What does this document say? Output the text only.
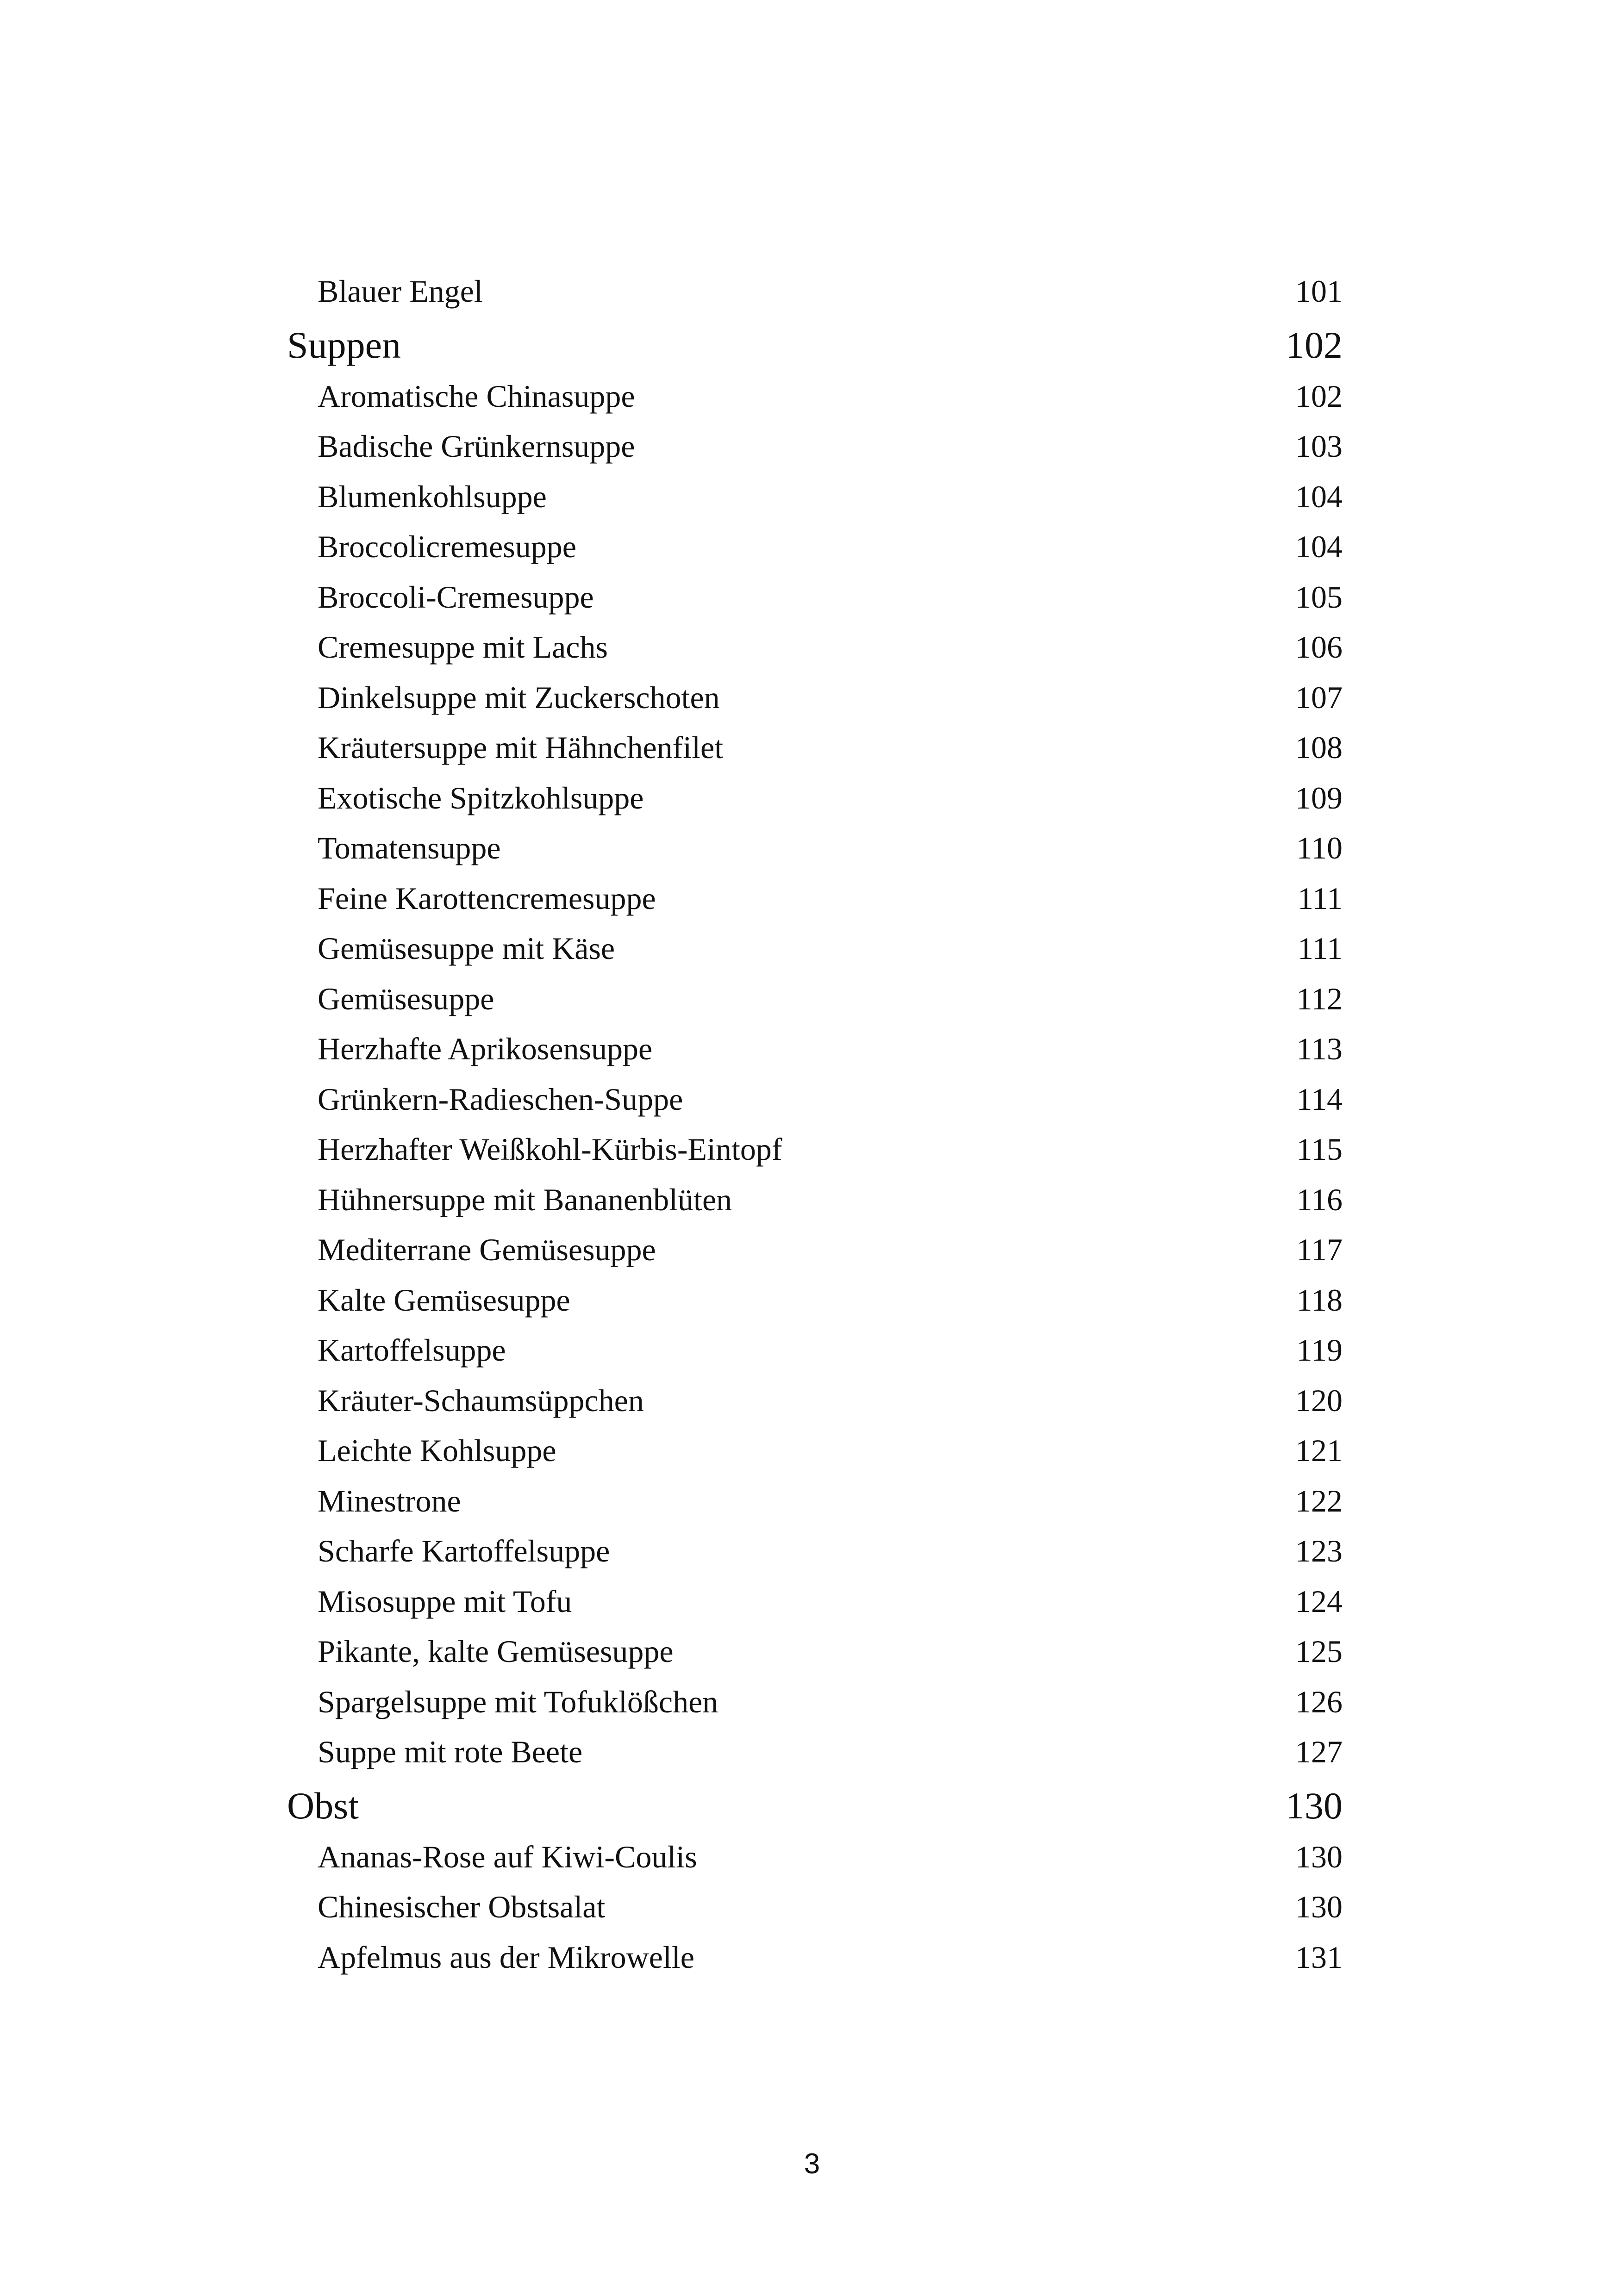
Blauer Engel	101
Suppen	102
Aromatische Chinasuppe	102
Badische Grünkernsuppe	103
Blumenkohlsuppe	104
Broccolicremesuppe	104
Broccoli-Cremesuppe	105
Cremesuppe mit Lachs	106
Dinkelsuppe mit Zuckerschoten	107
Kräutersuppe mit Hähnchenfilet	108
Exotische Spitzkohlsuppe	109
Tomatensuppe	110
Feine Karottencremesuppe	111
Gemüsesuppe mit Käse	111
Gemüsesuppe	112
Herzhafte Aprikosensuppe	113
Grünkern-Radieschen-Suppe	114
Herzhafter Weißkohl-Kürbis-Eintopf	115
Hühnersuppe mit Bananenblüten	116
Mediterrane Gemüsesuppe	117
Kalte Gemüsesuppe	118
Kartoffelsuppe	119
Kräuter-Schaumsüppchen	120
Leichte Kohlsuppe	121
Minestrone	122
Scharfe Kartoffelsuppe	123
Misosuppe mit Tofu	124
Pikante, kalte Gemüsesuppe	125
Spargelsuppe mit Tofuklößchen	126
Suppe mit rote Beete	127
Obst	130
Ananas-Rose auf Kiwi-Coulis	130
Chinesischer Obstsalat	130
Apfelmus aus der Mikrowelle	131
3
